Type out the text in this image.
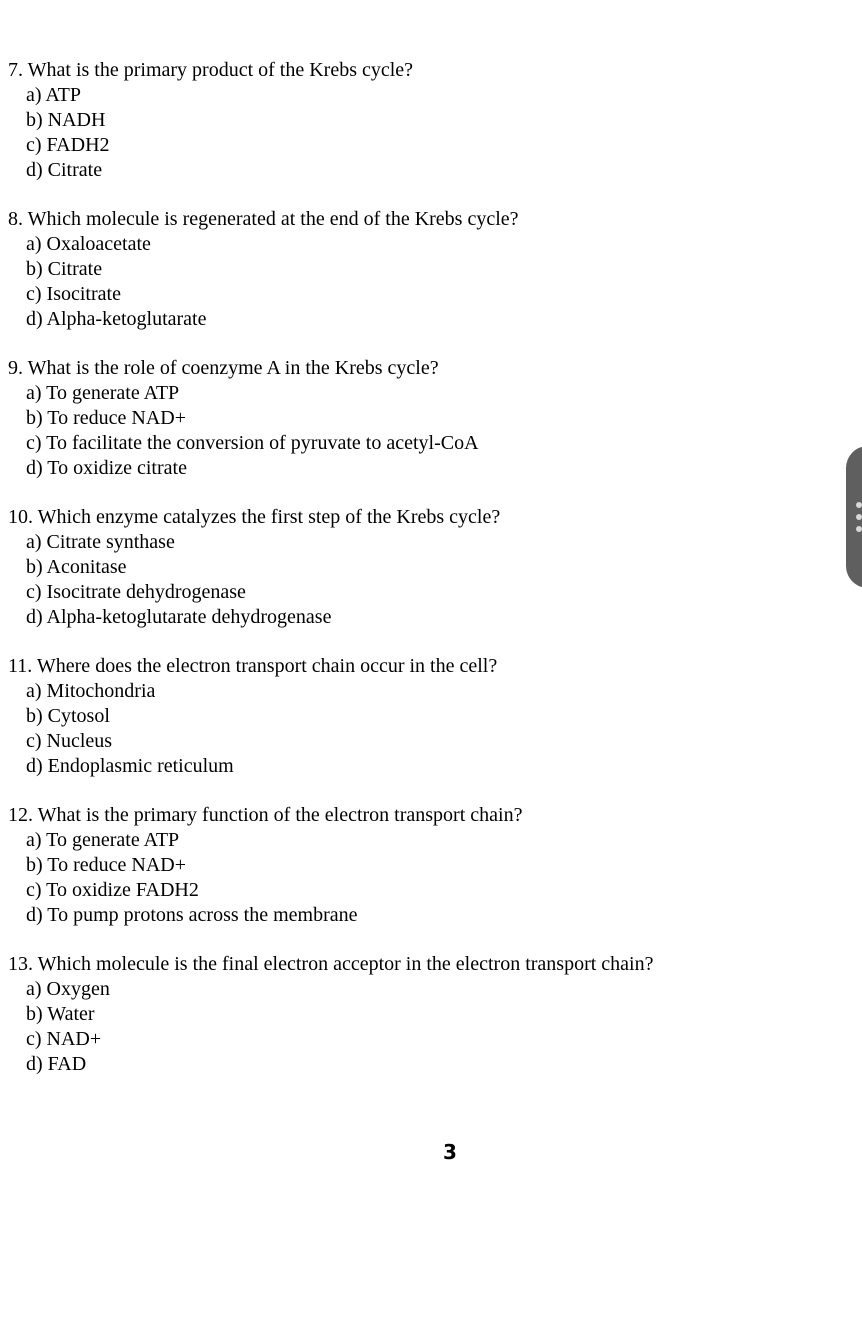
7. What is the primary product of the Krebs cycle?
a) ATP
b) NADH
c) FADH2
d) Citrate
8. Which molecule is regenerated at the end of the Krebs cycle?
a) Oxaloacetate
b) Citrate
c) Isocitrate
d) Alpha-ketoglutarate
9. What is the role of coenzyme A in the Krebs cycle?
a) To generate ATP
b) To reduce NAD+
c) To facilitate the conversion of pyruvate to acetyl-CoA
d) To oxidize citrate
10. Which enzyme catalyzes the first step of the Krebs cycle?
a) Citrate synthase
b) Aconitase
c) Isocitrate dehydrogenase
d) Alpha-ketoglutarate dehydrogenase
11. Where does the electron transport chain occur in the cell?
a) Mitochondria
b) Cytosol
c) Nucleus
d) Endoplasmic reticulum
12. What is the primary function of the electron transport chain?
a) To generate ATP
b) To reduce NAD+
c) To oxidize FADH2
d) To pump protons across the membrane
13. Which molecule is the final electron acceptor in the electron transport chain?
a) Oxygen
b) Water
c) NAD+
d) FAD
3
